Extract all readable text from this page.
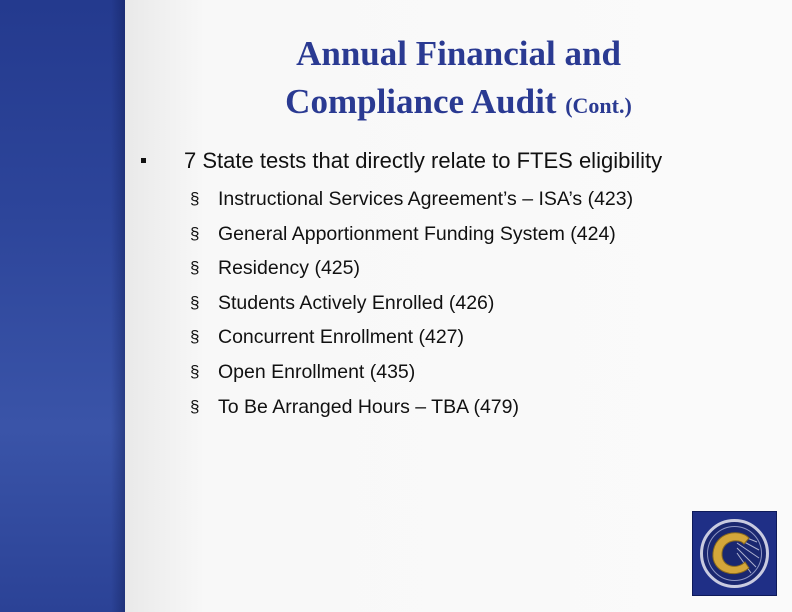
Annual Financial and
Compliance Audit (Cont.)
7 State tests that directly relate to FTES eligibility
§ Instructional Services Agreement’s – ISA’s (423)
§ General Apportionment Funding System (424)
§ Residency (425)
§ Students Actively Enrolled (426)
§ Concurrent Enrollment (427)
§ Open Enrollment (435)
§ To Be Arranged Hours – TBA (479)
